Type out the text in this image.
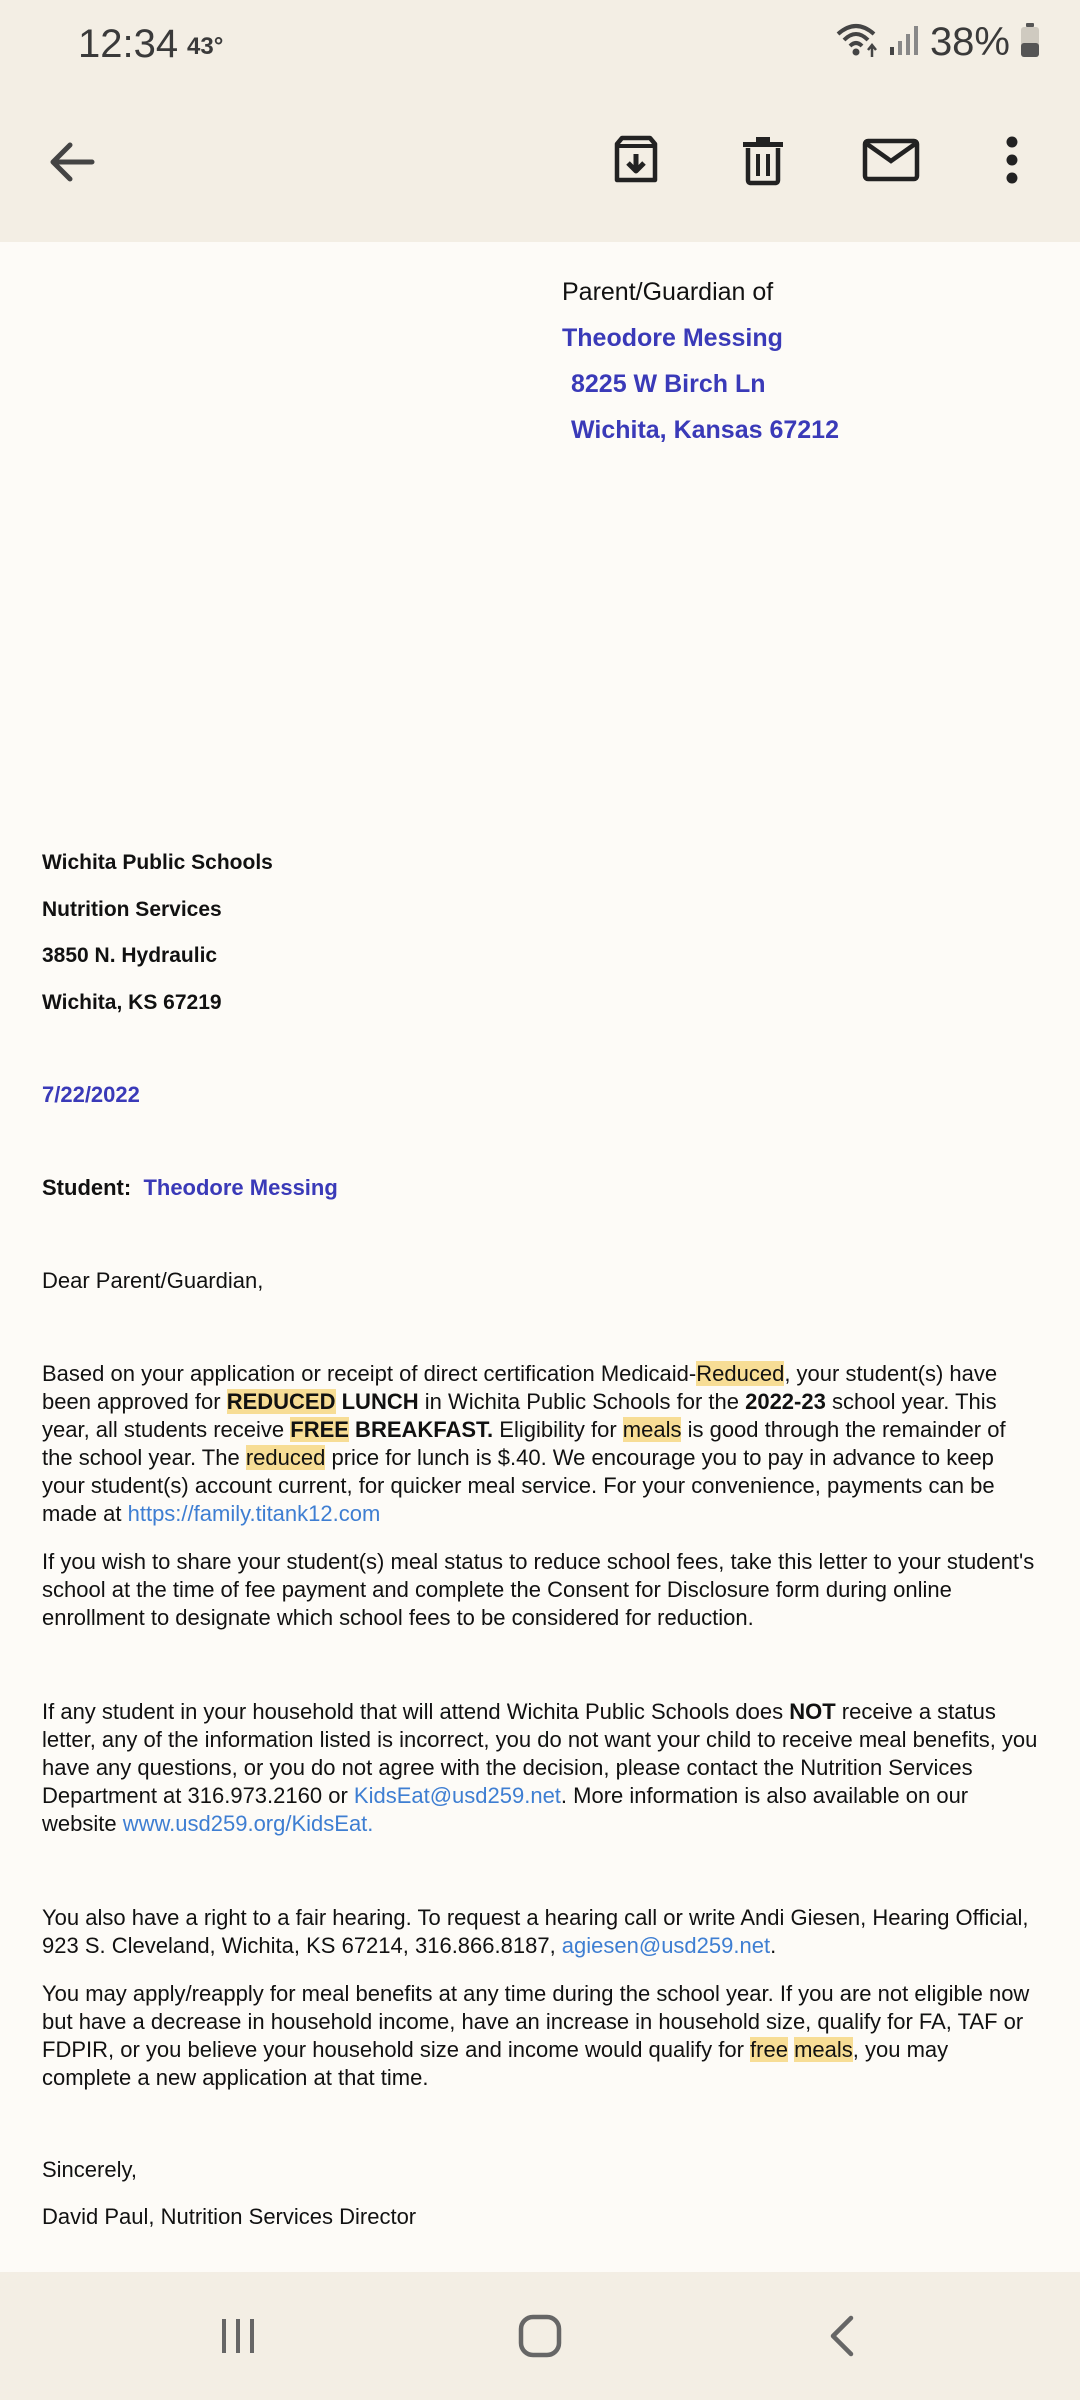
12:34 43°	38%
Parent/Guardian of
Theodore Messing
8225 W Birch Ln
Wichita, Kansas 67212
Wichita Public Schools
Nutrition Services
3850 N. Hydraulic
Wichita, KS 67219
7/22/2022
Student: Theodore Messing
Dear Parent/Guardian,

Based on your application or receipt of direct certification Medicaid-Reduced, your student(s) have been approved for REDUCED LUNCH in Wichita Public Schools for the 2022-23 school year. This year, all students receive FREE BREAKFAST. Eligibility for meals is good through the remainder of the school year. The reduced price for lunch is $.40. We encourage you to pay in advance to keep your student(s) account current, for quicker meal service. For your convenience, payments can be made at https://family.titank12.com

If you wish to share your student(s) meal status to reduce school fees, take this letter to your student's school at the time of fee payment and complete the Consent for Disclosure form during online enrollment to designate which school fees to be considered for reduction.

If any student in your household that will attend Wichita Public Schools does NOT receive a status letter, any of the information listed is incorrect, you do not want your child to receive meal benefits, you have any questions, or you do not agree with the decision, please contact the Nutrition Services Department at 316.973.2160 or KidsEat@usd259.net. More information is also available on our website www.usd259.org/KidsEat.

You also have a right to a fair hearing. To request a hearing call or write Andi Giesen, Hearing Official, 923 S. Cleveland, Wichita, KS 67214, 316.866.8187, agiesen@usd259.net.

You may apply/reapply for meal benefits at any time during the school year. If you are not eligible now but have a decrease in household income, have an increase in household size, qualify for FA, TAF or FDPIR, or you believe your household size and income would qualify for free meals, you may complete a new application at that time.

Sincerely,
David Paul, Nutrition Services Director
